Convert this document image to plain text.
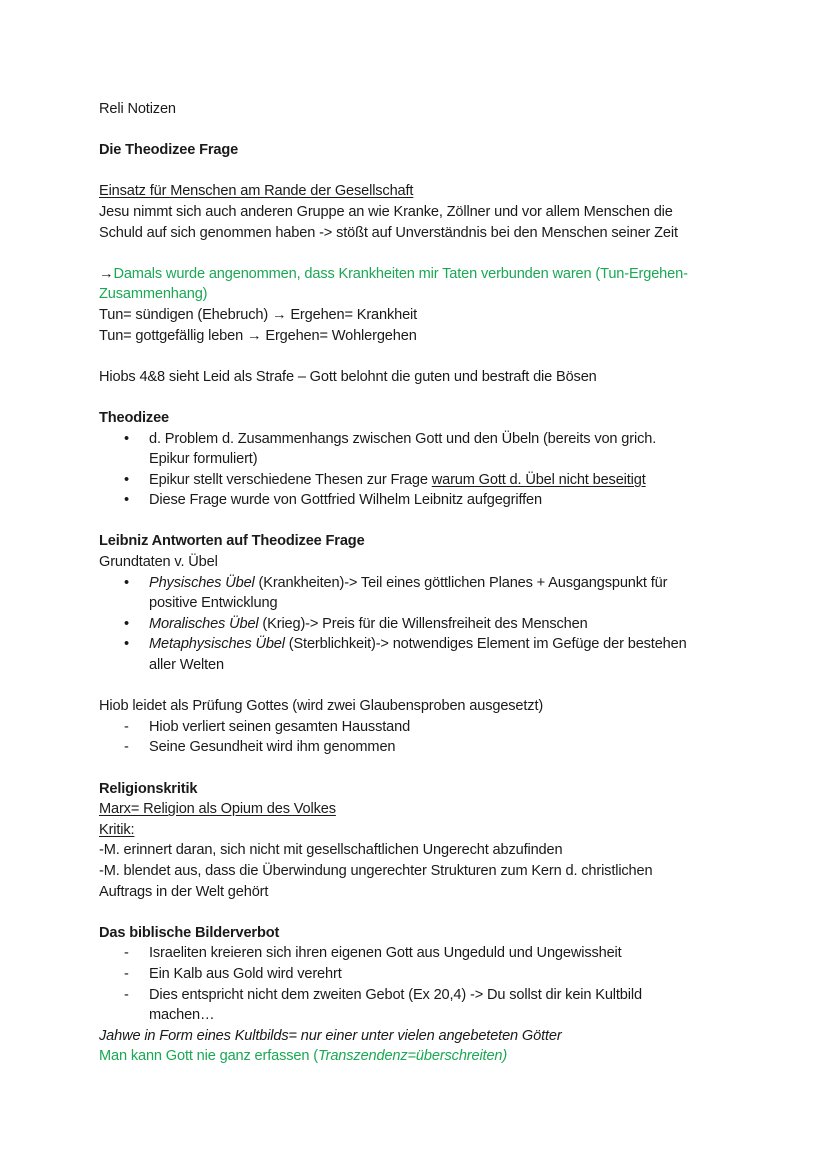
Reli Notizen
Die Theodizee Frage
Einsatz für Menschen am Rande der Gesellschaft
Jesu nimmt sich auch anderen Gruppe an wie Kranke, Zöllner und vor allem Menschen die
Schuld auf sich genommen haben -> stößt auf Unverständnis bei den Menschen seiner Zeit
→Damals wurde angenommen, dass Krankheiten mir Taten verbunden waren (Tun-Ergehen-
Zusammenhang)
Tun= sündigen (Ehebruch) → Ergehen= Krankheit
Tun= gottgefällig leben → Ergehen= Wohlergehen
Hiobs 4&8 sieht Leid als Strafe – Gott belohnt die guten und bestraft die Bösen
Theodizee
• d. Problem d. Zusammenhangs zwischen Gott und den Übeln (bereits von grich.
Epikur formuliert)
• Epikur stellt verschiedene Thesen zur Frage warum Gott d. Übel nicht beseitigt
• Diese Frage wurde von Gottfried Wilhelm Leibnitz aufgegriffen
Leibniz Antworten auf Theodizee Frage
Grundtaten v. Übel
• Physisches Übel (Krankheiten)-> Teil eines göttlichen Planes + Ausgangspunkt für
positive Entwicklung
• Moralisches Übel (Krieg)-> Preis für die Willensfreiheit des Menschen
• Metaphysisches Übel (Sterblichkeit)-> notwendiges Element im Gefüge der bestehen
aller Welten
Hiob leidet als Prüfung Gottes (wird zwei Glaubensproben ausgesetzt)
- Hiob verliert seinen gesamten Hausstand
- Seine Gesundheit wird ihm genommen
Religionskritik
Marx= Religion als Opium des Volkes
Kritik:
-M. erinnert daran, sich nicht mit gesellschaftlichen Ungerecht abzufinden
-M. blendet aus, dass die Überwindung ungerechter Strukturen zum Kern d. christlichen
Auftrags in der Welt gehört
Das biblische Bilderverbot
- Israeliten kreieren sich ihren eigenen Gott aus Ungeduld und Ungewissheit
- Ein Kalb aus Gold wird verehrt
- Dies entspricht nicht dem zweiten Gebot (Ex 20,4) -> Du sollst dir kein Kultbild
machen…
Jahwe in Form eines Kultbilds= nur einer unter vielen angebeteten Götter
Man kann Gott nie ganz erfassen (Transzendenz=überschreiten)
